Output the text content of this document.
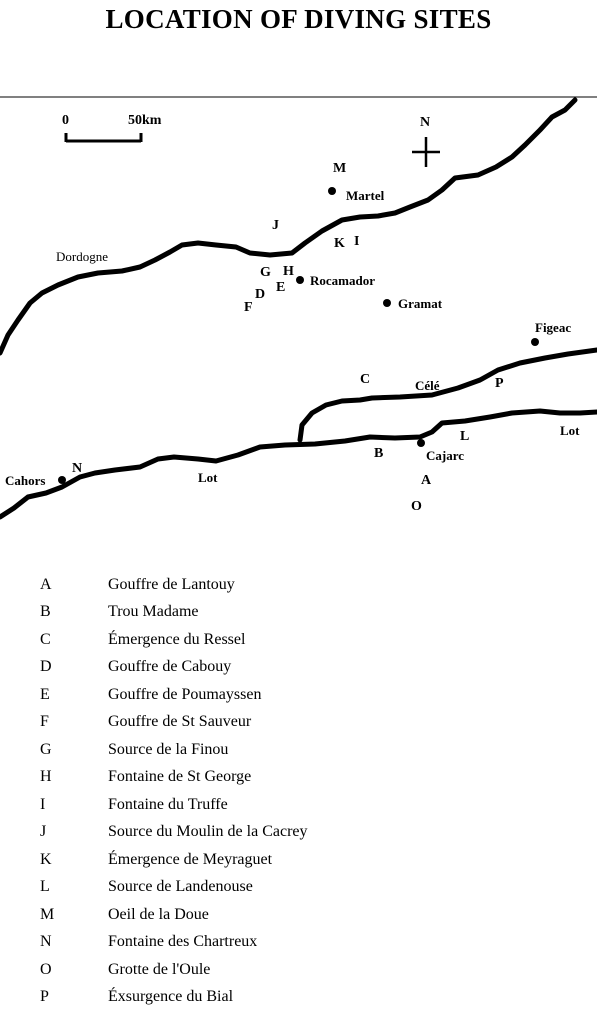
LOCATION OF DIVING SITES
0	50km	N
Dordogne
Célé
Lot
Lot
Martel
Rocamador
Gramat
Figeac
Cajarc
Cahors	A
B
C
D E
F
G H
I
J
K
L
M
N
O
P
A	Gouffre de Lantouy
B	Trou Madame
C	Émergence du Ressel
D	Gouffre de Cabouy
E	Gouffre de Poumayssen
F	Gouffre de St Sauveur
G	Source de la Finou
H	Fontaine de St George
I	Fontaine du Truffe
J	Source du Moulin de la Cacrey
K	Émergence de Meyraguet
L	Source de Landenouse
M	Oeil de la Doue
N	Fontaine des Chartreux
O	Grotte de l'Oule
P	Éxsurgence du Bial
